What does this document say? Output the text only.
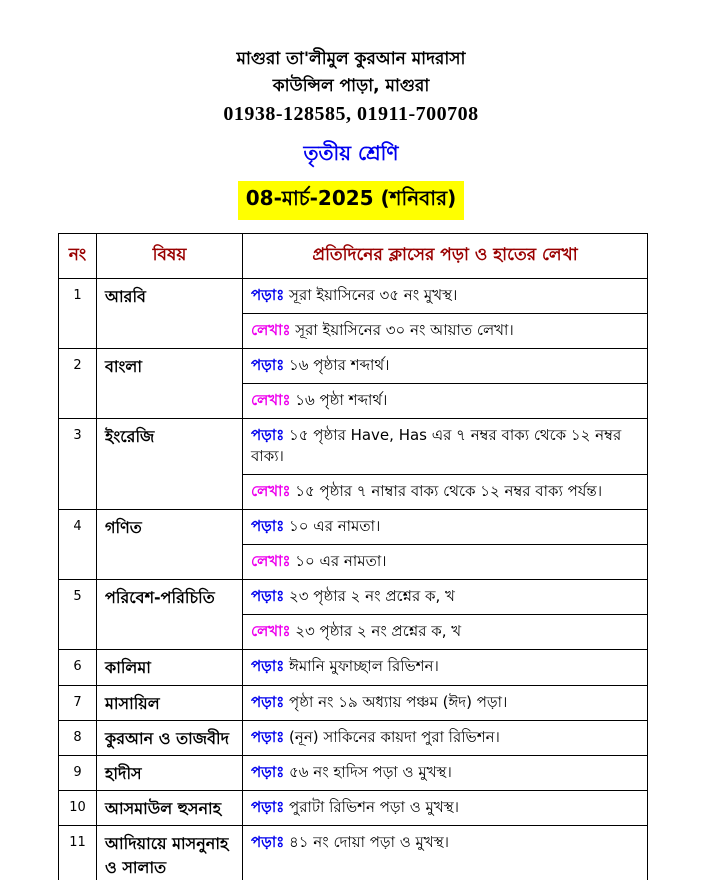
মাগুরা তা'লীমুল কুরআন মাদরাসা
কাউন্সিল পাড়া, মাগুরা
01938-128585, 01911-700708
তৃতীয় শ্রেণি
08-মার্চ-2025 (শনিবার)
নং	বিষয়	প্রতিদিনের ক্লাসের পড়া ও হাতের লেখা
1	আরবি	পড়াঃ সূরা ইয়াসিনের ৩৫ নং মুখস্থ।
		লেখাঃ সূরা ইয়াসিনের ৩০ নং আয়াত লেখা।
2	বাংলা	পড়াঃ ১৬ পৃষ্ঠার শব্দার্থ।
		লেখাঃ ১৬ পৃষ্ঠা শব্দার্থ।
3	ইংরেজি	পড়াঃ ১৫ পৃষ্ঠার Have, Has এর ৭ নম্বর বাক্য থেকে ১২ নম্বর বাক্য।
		লেখাঃ ১৫ পৃষ্ঠার ৭ নাম্বার বাক্য থেকে ১২ নম্বর বাক্য পর্যন্ত।
4	গণিত	পড়াঃ ১০ এর নামতা।
		লেখাঃ ১০ এর নামতা।
5	পরিবেশ-পরিচিতি	পড়াঃ ২৩ পৃষ্ঠার ২ নং প্রশ্নের ক, খ
		লেখাঃ ২৩ পৃষ্ঠার ২ নং প্রশ্নের ক, খ
6	কালিমা	পড়াঃ ঈমানি মুফাচ্ছাল রিভিশন।
7	মাসায়িল	পড়াঃ পৃষ্ঠা নং ১৯ অধ্যায় পঞ্চম (ঈদ) পড়া।
8	কুরআন ও তাজবীদ	পড়াঃ (নূন) সাকিনের কায়দা পুরা রিভিশন।
9	হাদীস	পড়াঃ ৫৬ নং হাদিস পড়া ও মুখস্থ।
10	আসমাউল হুসনাহ	পড়াঃ পুরাটা রিভিশন পড়া ও মুখস্থ।
11	আদিয়ায়ে মাসনুনাহ ও সালাত	পড়াঃ ৪১ নং দোয়া পড়া ও মুখস্থ।
